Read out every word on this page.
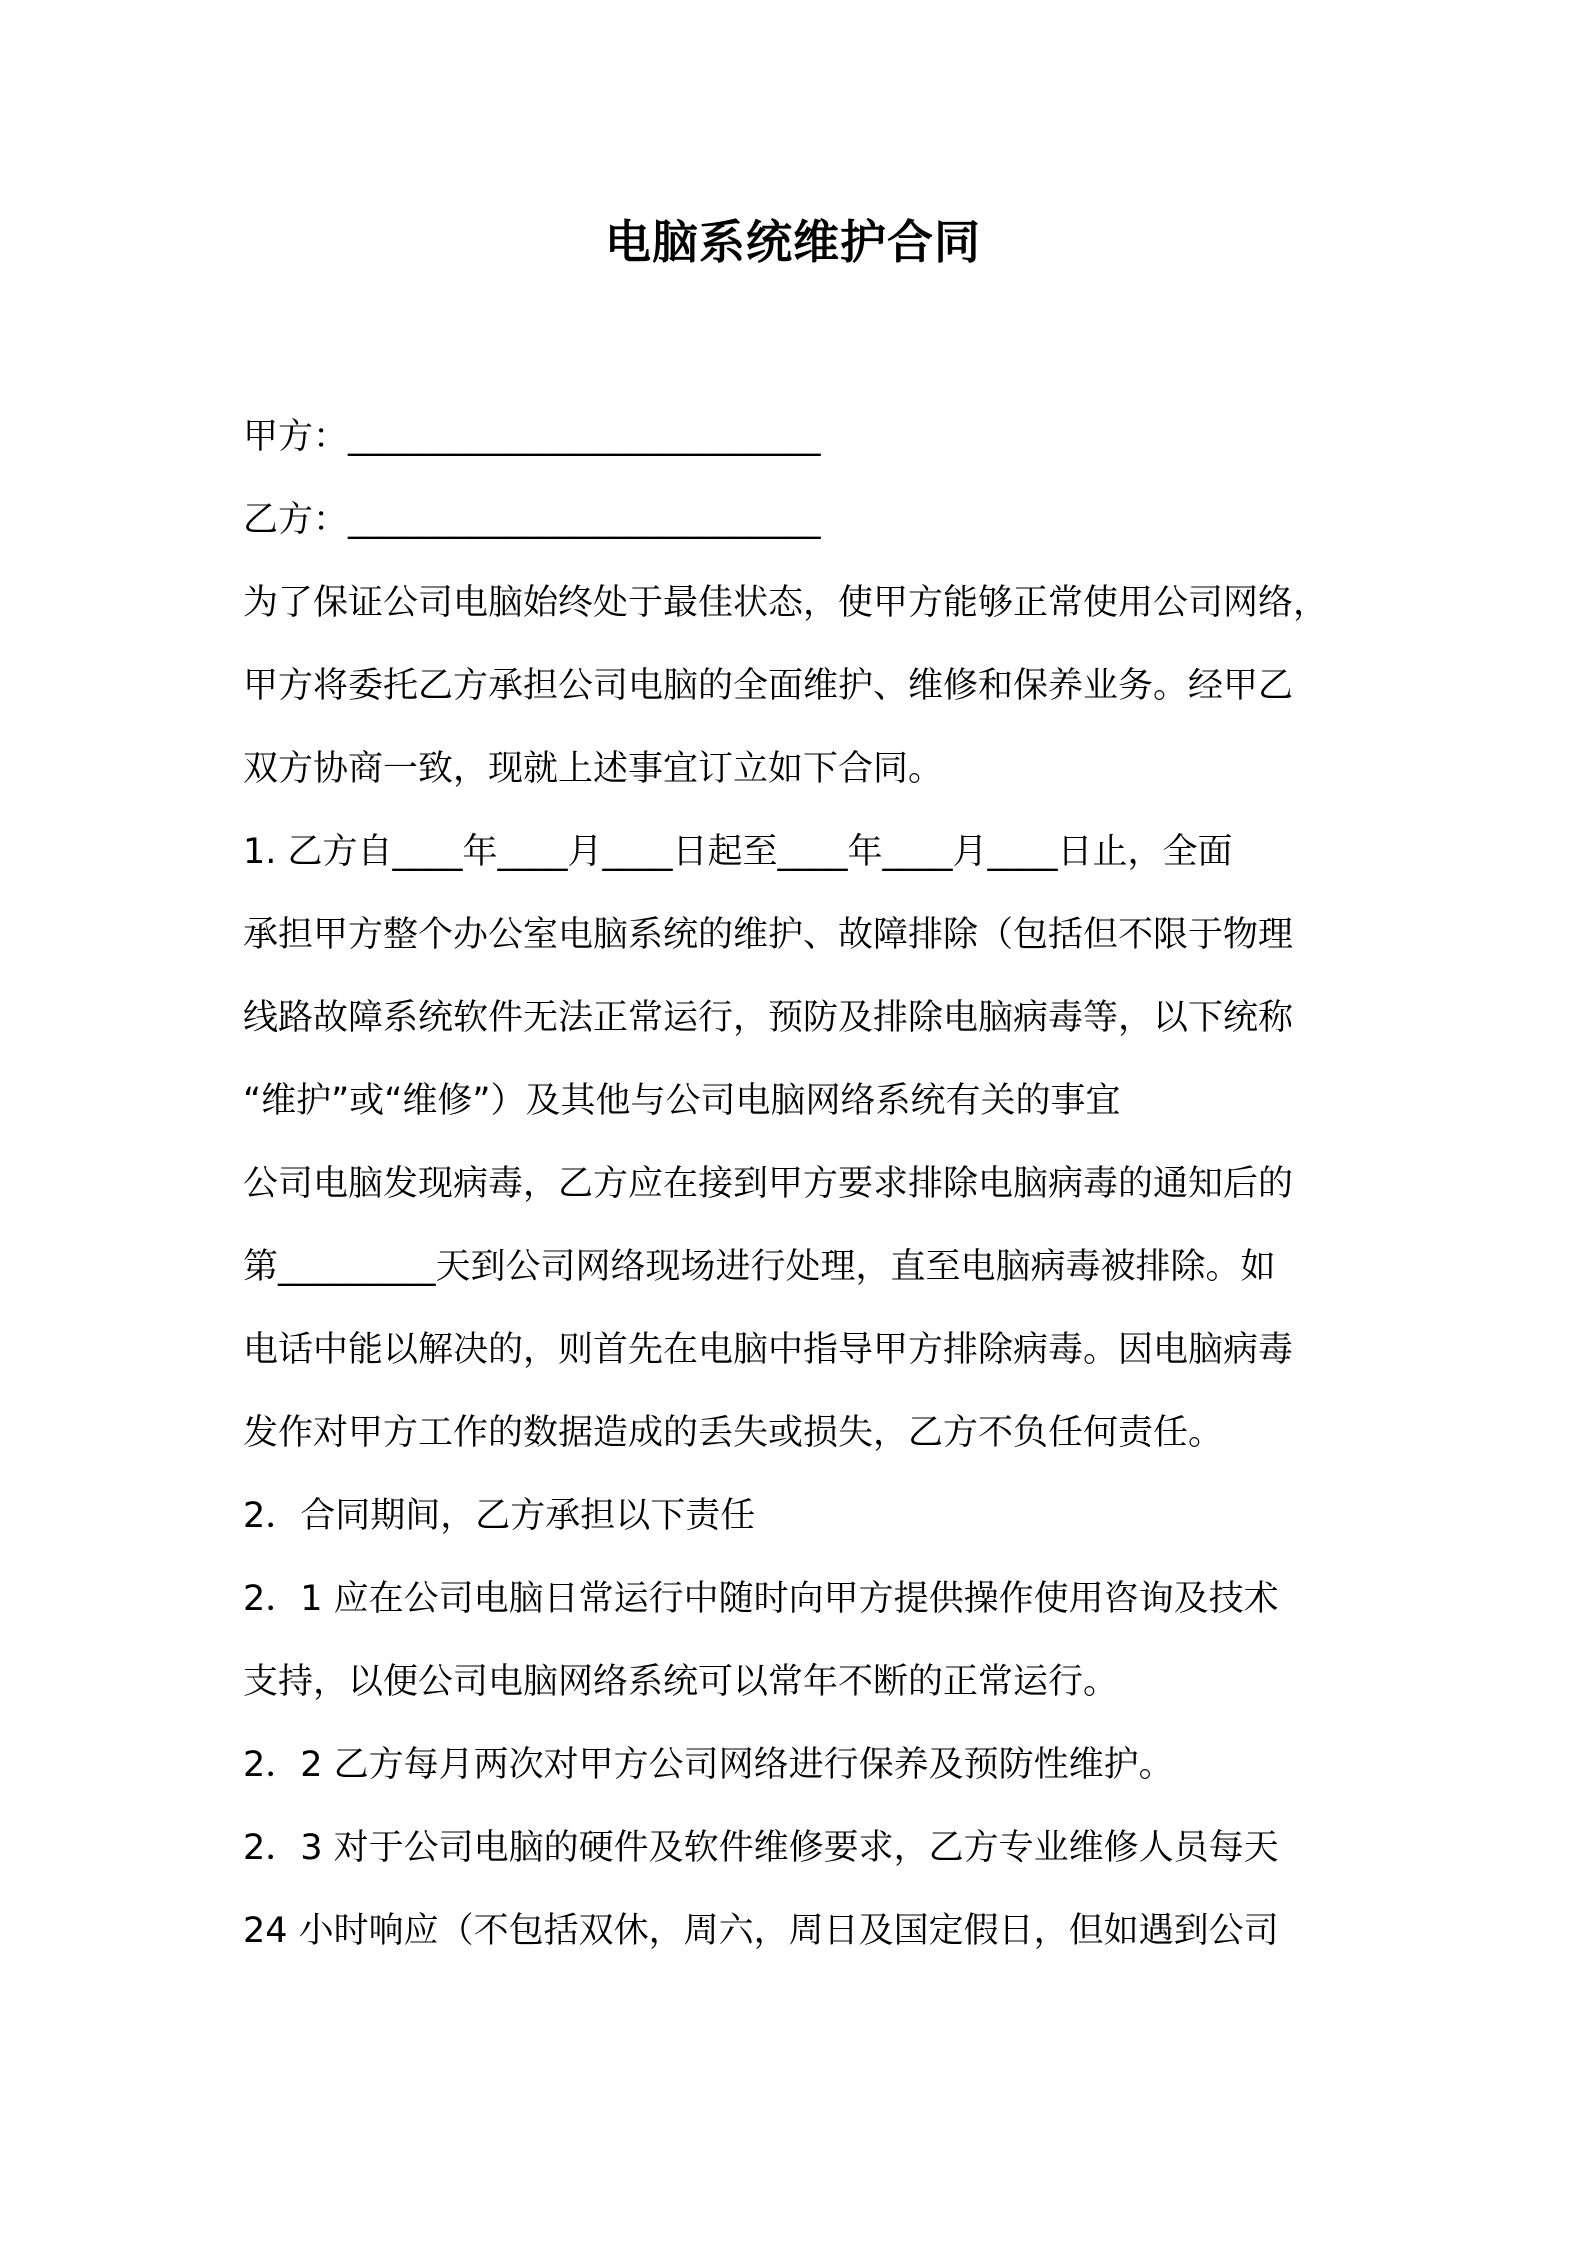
电脑系统维护合同
甲方：___________________________
乙方：___________________________
为了保证公司电脑始终处于最佳状态，使甲方能够正常使用公司网络，
甲方将委托乙方承担公司电脑的全面维护、维修和保养业务。经甲乙
双方协商一致，现就上述事宜订立如下合同。
1. 乙方自____年____月____日起至____年____月____日止，全面
承担甲方整个办公室电脑系统的维护、故障排除（包括但不限于物理
线路故障系统软件无法正常运行，预防及排除电脑病毒等，以下统称
“维护”或“维修”）及其他与公司电脑网络系统有关的事宜
公司电脑发现病毒，乙方应在接到甲方要求排除电脑病毒的通知后的
第_________天到公司网络现场进行处理，直至电脑病毒被排除。如
电话中能以解决的，则首先在电脑中指导甲方排除病毒。因电脑病毒
发作对甲方工作的数据造成的丢失或损失，乙方不负任何责任。
2．合同期间，乙方承担以下责任
2．1 应在公司电脑日常运行中随时向甲方提供操作使用咨询及技术
支持，以便公司电脑网络系统可以常年不断的正常运行。
2．2 乙方每月两次对甲方公司网络进行保养及预防性维护。
2．3 对于公司电脑的硬件及软件维修要求，乙方专业维修人员每天
24 小时响应（不包括双休，周六，周日及国定假日，但如遇到公司
